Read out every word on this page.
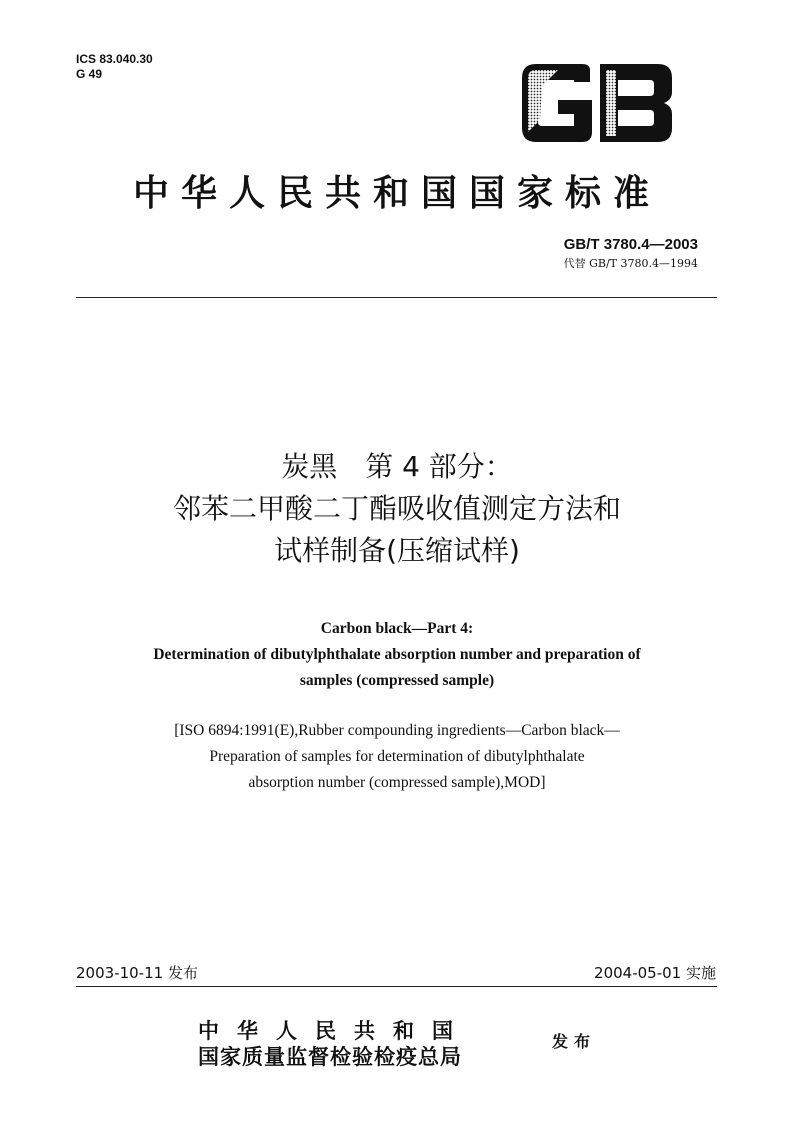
ICS 83.040.30
G 49
GB
中华人民共和国国家标准
GB/T 3780.4—2003
代替 GB/T 3780.4—1994
炭黑　第 4 部分：
邻苯二甲酸二丁酯吸收值测定方法和
试样制备(压缩试样)
Carbon black—Part 4:
Determination of dibutylphthalate absorption number and preparation of
samples (compressed sample)
[ISO 6894:1991(E),Rubber compounding ingredients—Carbon black—
Preparation of samples for determination of dibutylphthalate
absorption number (compressed sample),MOD]
2003-10-11 发布	2004-05-01 实施
中华人民共和国
国家质量监督检验检疫总局
发布
